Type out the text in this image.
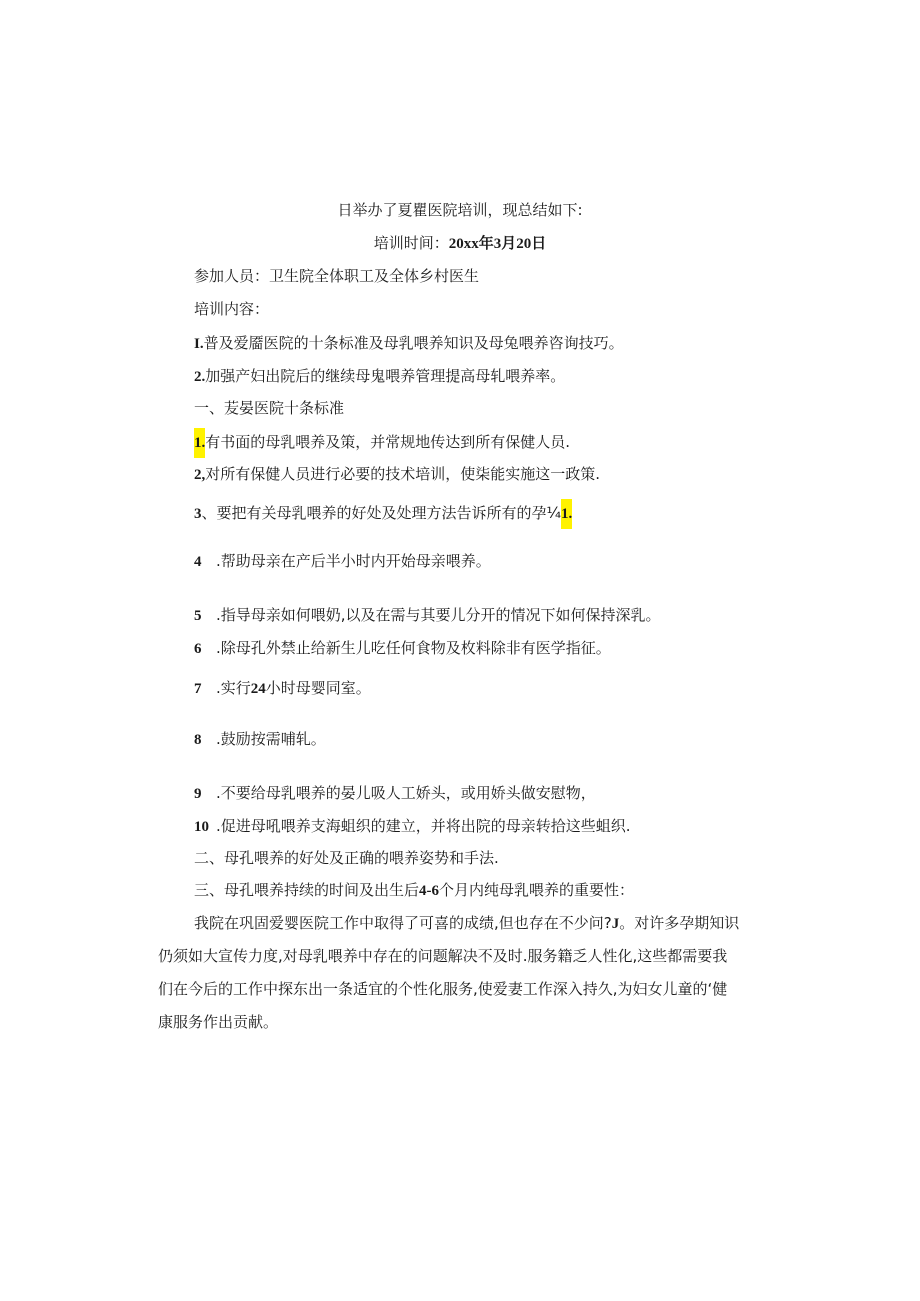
日举办了夏瞿医院培训，现总结如下:
培训时间：20xx年3月20日
参加人员：卫生院全体职工及全体乡村医生
培训内容：
I.普及爱靥医院的十条标准及母乳喂养知识及母兔喂养咨询技巧。
2.加强产妇出院后的继续母鬼喂养管理提高母轧喂养率。
一、苃晏医院十条标准
1.有书面的母乳喂养及策，并常规地传达到所有保健人员.
2,对所有保健人员进行必要的技术培训，使柒能实施这一政策.
3、要把有关母乳喂养的好处及处理方法告诉所有的孕¼1.
4 .帮助母亲在产后半小时内开始母亲喂养。
5 .指导母亲如何喂奶,以及在需与其要儿分开的情况下如何保持深乳。
6 .除母孔外禁止给新生儿吃任何食物及枚料除非有医学指征。
7 .实行24小时母婴同室。
8 .鼓励按需哺轧。
9 .不要给母乳喂养的晏儿吸人工娇头，或用娇头做安慰物，
10 .促进母吼喂养支海蛆织的建立，并将出院的母亲转拾这些蛆织.
二、母孔喂养的好处及正确的喂养姿势和手法.
三、母孔喂养持续的时间及出生后4-6个月内纯母乳喂养的重要性：
我院在巩固爱婴医院工作中取得了可喜的成绩,但也存在不少问?J。对许多孕期知识
仍须如大宣传力度,对母乳喂养中存在的问题解决不及时.服务籍乏人性化,这些都需要我
们在今后的工作中探东出一条适宜的个性化服务,使爱妻工作深入持久,为妇女儿童的‘健
康服务作出贡献。
